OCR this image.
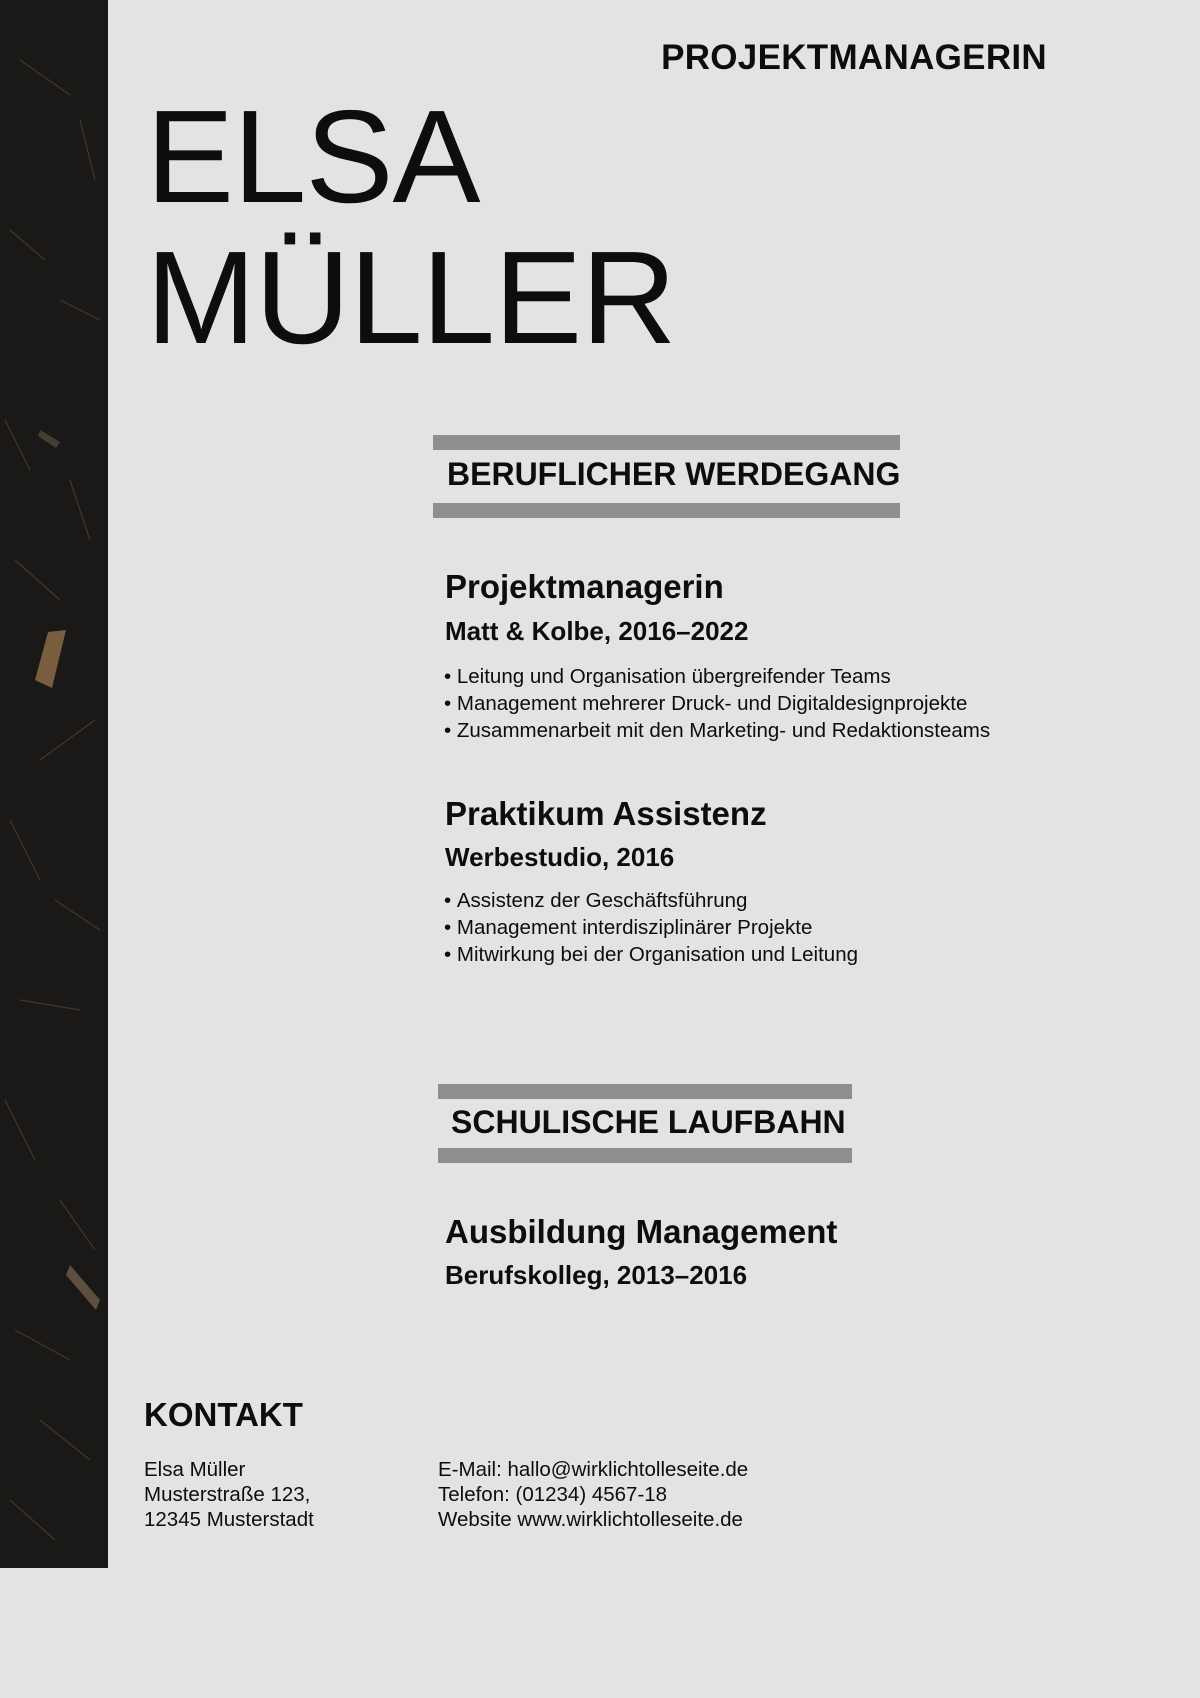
PROJEKTMANAGERIN
ELSA
MÜLLER
BERUFLICHER WERDEGANG
Projektmanagerin
Matt & Kolbe, 2016–2022
• Leitung und Organisation übergreifender Teams
• Management mehrerer Druck- und Digitaldesignprojekte
• Zusammenarbeit mit den Marketing- und Redaktionsteams
Praktikum Assistenz
Werbestudio, 2016
• Assistenz der Geschäftsführung
• Management interdisziplinärer Projekte
• Mitwirkung bei der Organisation und Leitung
SCHULISCHE LAUFBAHN
Ausbildung Management
Berufskolleg, 2013–2016
KONTAKT
Elsa Müller
Musterstraße 123,
12345 Musterstadt
E-Mail: hallo@wirklichtolleseite.de
Telefon: (01234) 4567-18
Website www.wirklichtolleseite.de
